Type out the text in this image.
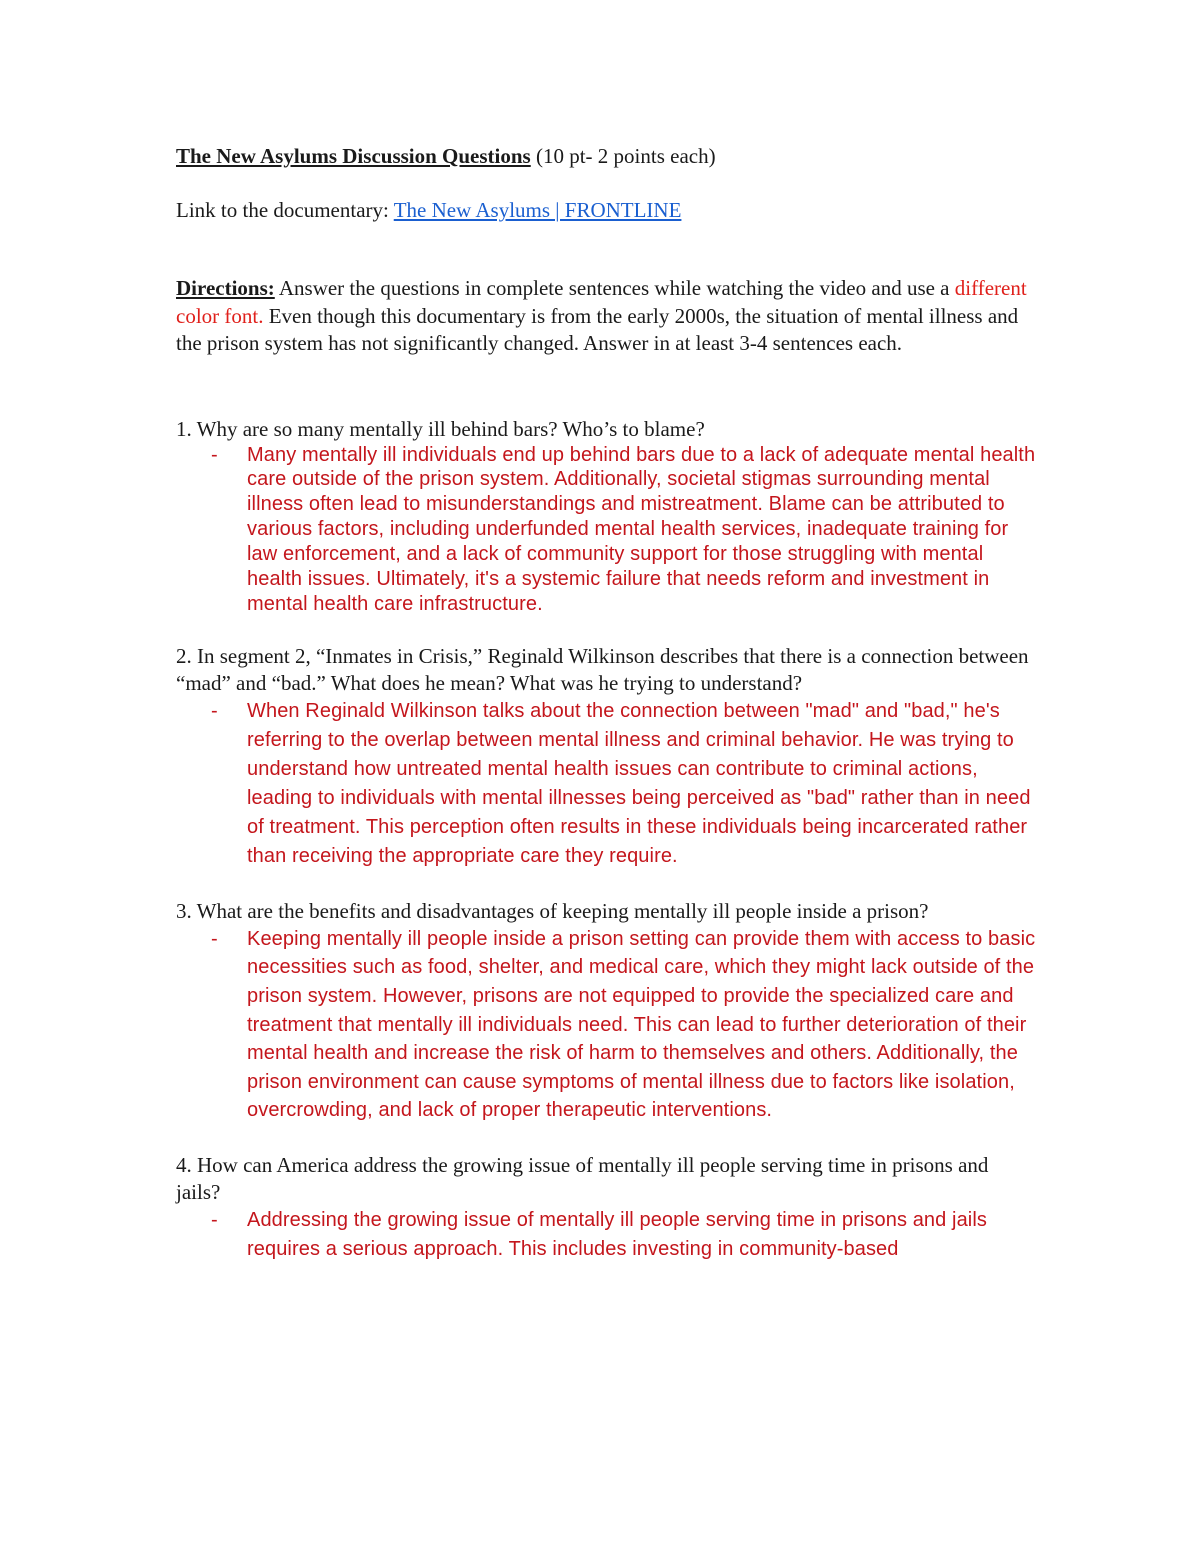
The New Asylums Discussion Questions (10 pt- 2 points each)

Link to the documentary: The New Asylums | FRONTLINE
Directions: Answer the questions in complete sentences while watching the video and use a different color font. Even though this documentary is from the early 2000s, the situation of mental illness and the prison system has not significantly changed. Answer in at least 3-4 sentences each.

1. Why are so many mentally ill behind bars? Who’s to blame?

- Many mentally ill individuals end up behind bars due to a lack of adequate mental health care outside of the prison system. Additionally, societal stigmas surrounding mental illness often lead to misunderstandings and mistreatment. Blame can be attributed to various factors, including underfunded mental health services, inadequate training for law enforcement, and a lack of community support for those struggling with mental health issues. Ultimately, it's a systemic failure that needs reform and investment in mental health care infrastructure.

2. In segment 2, “Inmates in Crisis,” Reginald Wilkinson describes that there is a connection between “mad” and “bad.” What does he mean? What was he trying to understand?

- When Reginald Wilkinson talks about the connection between "mad" and "bad," he's referring to the overlap between mental illness and criminal behavior. He was trying to understand how untreated mental health issues can contribute to criminal actions, leading to individuals with mental illnesses being perceived as "bad" rather than in need of treatment. This perception often results in these individuals being incarcerated rather than receiving the appropriate care they require.

3. What are the benefits and disadvantages of keeping mentally ill people inside a prison?

- Keeping mentally ill people inside a prison setting can provide them with access to basic necessities such as food, shelter, and medical care, which they might lack outside of the prison system. However, prisons are not equipped to provide the specialized care and treatment that mentally ill individuals need. This can lead to further deterioration of their mental health and increase the risk of harm to themselves and others. Additionally, the prison environment can cause symptoms of mental illness due to factors like isolation, overcrowding, and lack of proper therapeutic interventions.

4. How can America address the growing issue of mentally ill people serving time in prisons and jails?

- Addressing the growing issue of mentally ill people serving time in prisons and jails requires a serious approach. This includes investing in community-based
